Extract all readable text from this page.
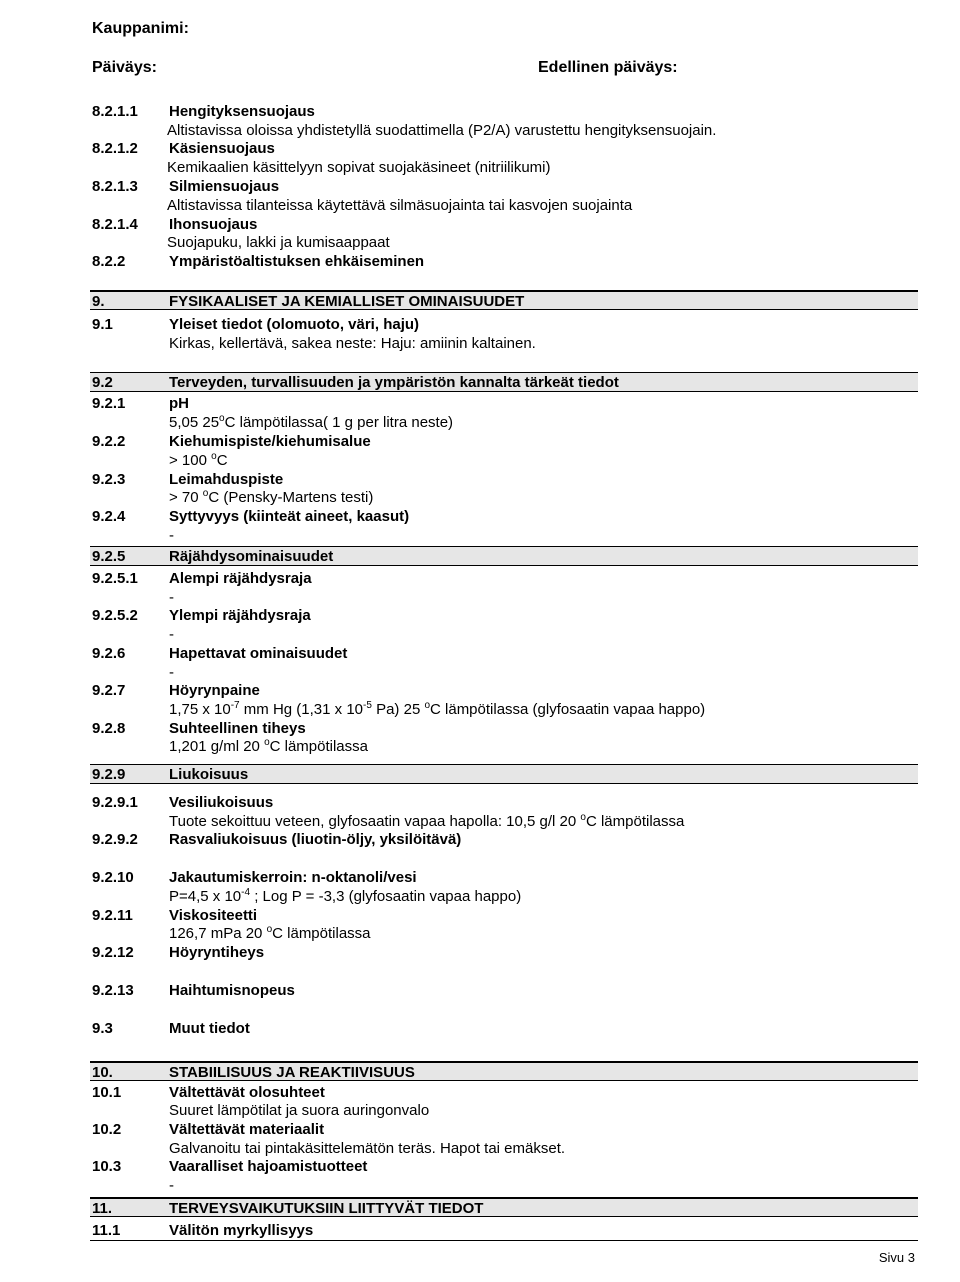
Kauppanimi:
Päiväys:	Edellinen päiväys:
8.2.1.1 Hengityksensuojaus
Altistavissa oloissa yhdistetyllä suodattimella (P2/A) varustettu hengityksensuojain.
8.2.1.2 Käsiensuojaus
Kemikaalien käsittelyyn sopivat suojakäsineet (nitriilikumi)
8.2.1.3 Silmiensuojaus
Altistavissa tilanteissa käytettävä silmäsuojainta tai kasvojen suojainta
8.2.1.4 Ihonsuojaus
Suojapuku, lakki ja kumisaappaat
8.2.2	Ympäristöaltistuksen ehkäiseminen
9.	FYSIKAALISET JA KEMIALLISET OMINAISUUDET
9.1	Yleiset tiedot (olomuoto, väri, haju)
Kirkas, kellertävä, sakea neste: Haju: amiinin kaltainen.
9.2	Terveyden, turvallisuuden ja ympäristön kannalta tärkeät tiedot
9.2.1	pH
5,05 25$^o$C lämpötilassa( 1 g per litra neste)
9.2.2	Kiehumispiste/kiehumisalue
> 100 $^o$C
9.2.3	Leimahduspiste
> 70 $^o$C (Pensky-Martens testi)
9.2.4	Syttyvyys (kiinteät aineet, kaasut)
-
9.2.5	Räjähdysominaisuudet
9.2.5.1 Alempi räjähdysraja
-
9.2.5.2 Ylempi räjähdysraja
-
9.2.6	Hapettavat ominaisuudet
-
9.2.7	Höyrynpaine
1,75 x $10^{-7}$ mm Hg (1,31 x $10^{-5}$ Pa) 25 $^o$C lämpötilassa (glyfosaatin vapaa happo)
9.2.8	Suhteellinen tiheys
1,201 g/ml 20 $^o$C lämpötilassa
9.2.9	Liukoisuus
9.2.9.1 Vesiliukoisuus
Tuote sekoittuu veteen, glyfosaatin vapaa hapolla: 10,5 g/l 20 $^o$C lämpötilassa
9.2.9.2 Rasvaliukoisuus (liuotin-öljy, yksilöitävä)
9.2.10 Jakautumiskerroin: n-oktanoli/vesi
P=4,5 x $10^{-4}$ ; Log P = -3,3 (glyfosaatin vapaa happo)
9.2.11 Viskositeetti
126,7 mPa 20 $^o$C lämpötilassa
9.2.12 Höyryntiheys
9.2.13 Haihtumisnopeus
9.3	Muut tiedot
10.	STABIILISUUS JA REAKTIIVISUUS
10.1	Vältettävät olosuhteet
Suuret lämpötilat ja suora auringonvalo
10.2	Vältettävät materiaalit
Galvanoitu tai pintakäsittelemätön teräs. Hapot tai emäkset.
10.3	Vaaralliset hajoamistuotteet
-
11.	TERVEYSVAIKUTUKSIIN LIITTYVÄT TIEDOT
11.1	Välitön myrkyllisyys
Sivu 3
